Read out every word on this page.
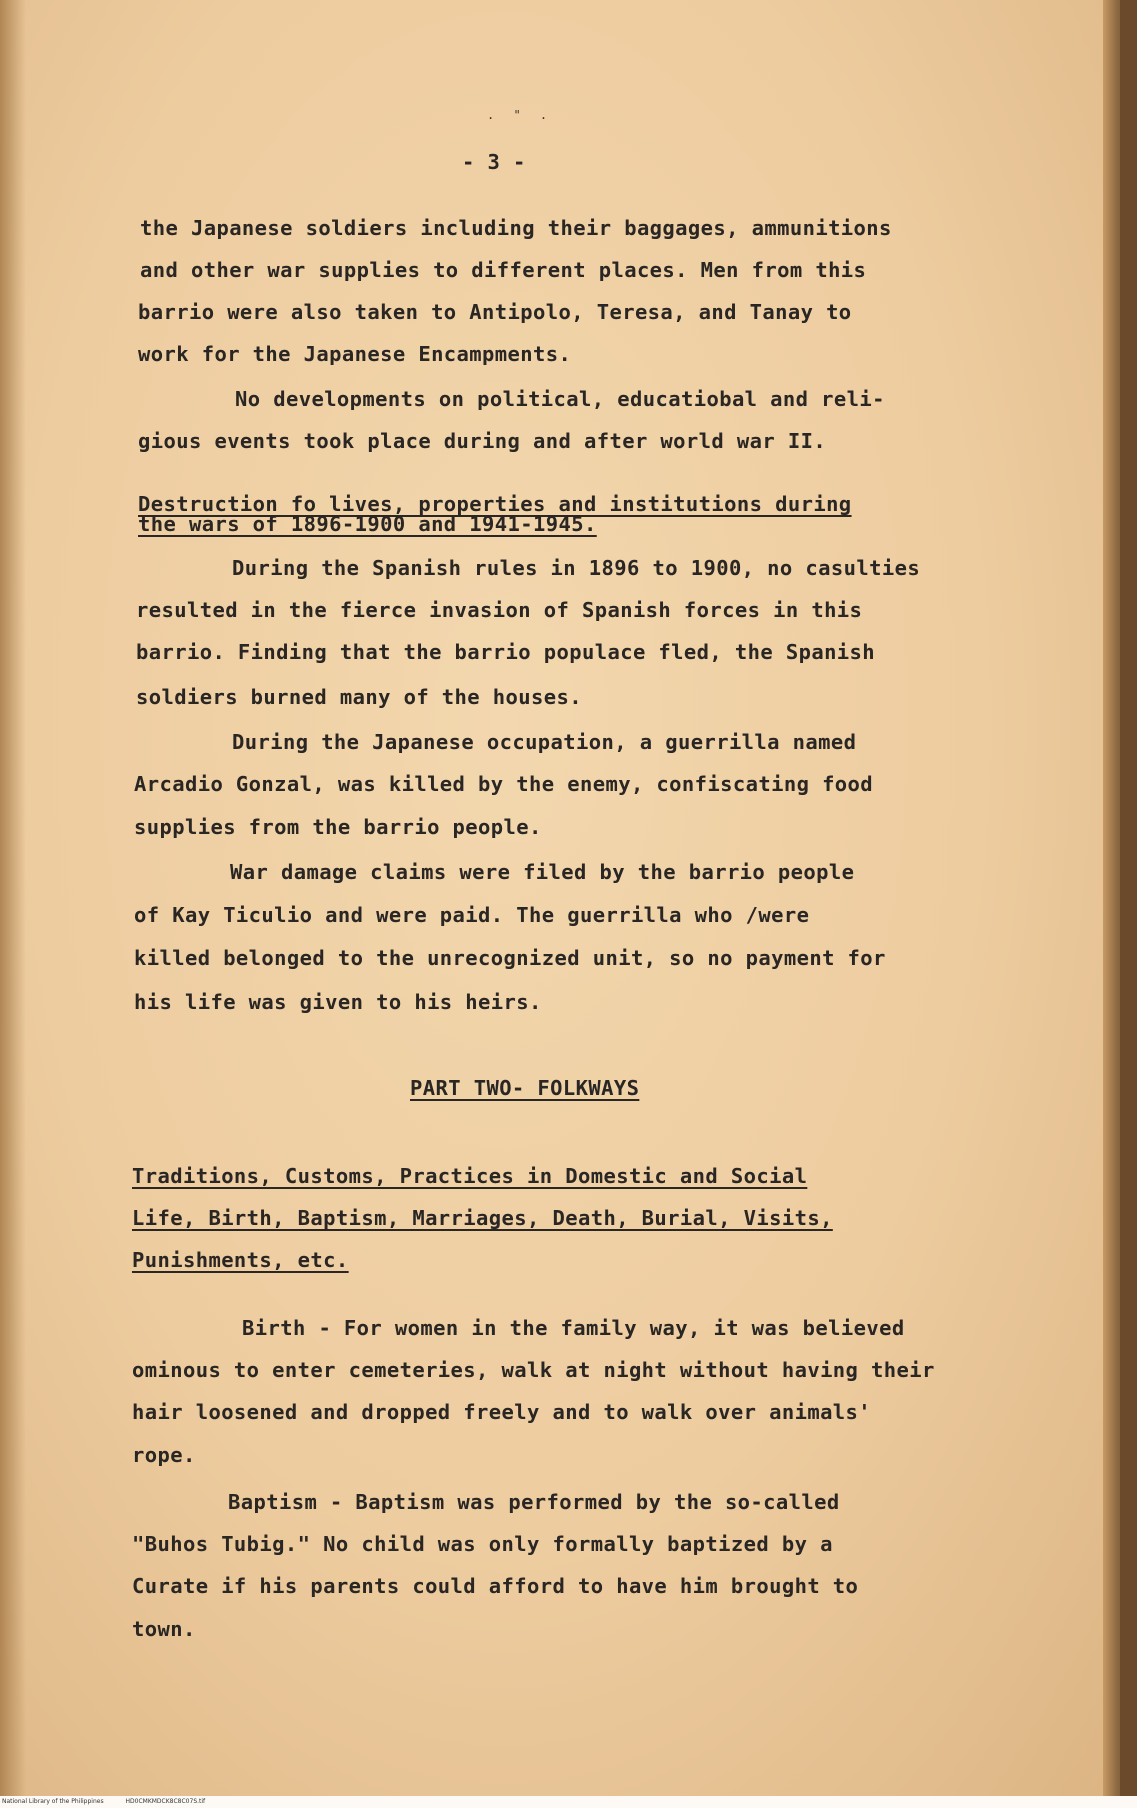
. " .
- 3 -
the Japanese soldiers including their baggages, ammunitions
and other war supplies to different places. Men from this
barrio were also taken to Antipolo, Teresa, and Tanay to
work for the Japanese Encampments.
No developments on political, educatiobal and reli-
gious events took place during and after world war II.
Destruction fo lives, properties and institutions during
the wars of 1896-1900 and 1941-1945.
During the Spanish rules in 1896 to 1900, no casulties
resulted in the fierce invasion of Spanish forces in this
barrio. Finding that the barrio populace fled, the Spanish
soldiers burned many of the houses.
During the Japanese occupation, a guerrilla named
Arcadio Gonzal, was killed by the enemy, confiscating food
supplies from the barrio people.
War damage claims were filed by the barrio people
of Kay Ticulio and were paid. The guerrilla who /were
killed belonged to the unrecognized unit, so no payment for
his life was given to his heirs.
PART TWO- FOLKWAYS
Traditions, Customs, Practices in Domestic and Social
Life, Birth, Baptism, Marriages, Death, Burial, Visits,
Punishments, etc.
Birth - For women in the family way, it was believed
ominous to enter cemeteries, walk at night without having their
hair loosened and dropped freely and to walk over animals'
rope.
Baptism - Baptism was performed by the so-called
"Buhos Tubig." No child was only formally baptized by a
Curate if his parents could afford to have him brought to
town.
National Library of the Philippines	HD0CMKMDCK8C8C07S.tif
